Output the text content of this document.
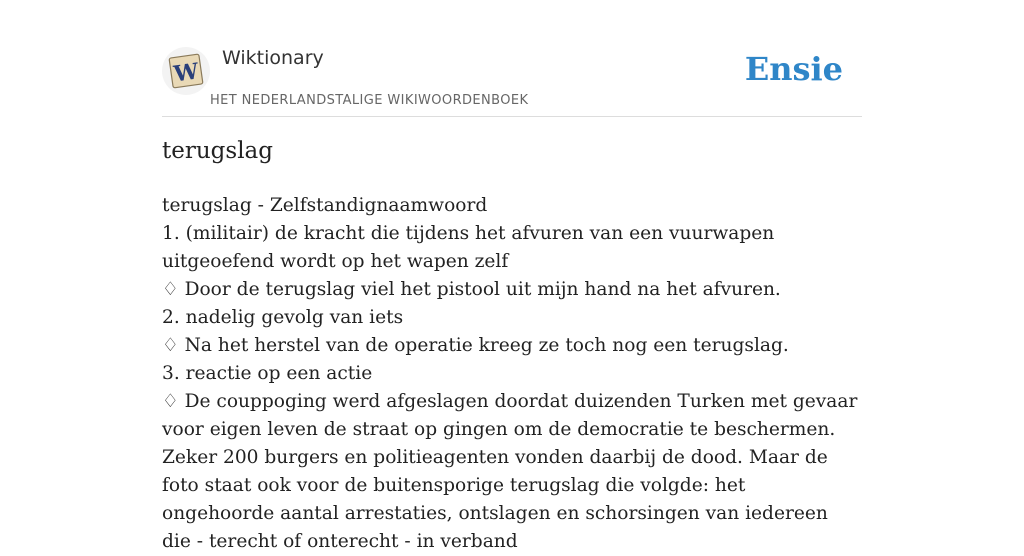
W
Wiktionary
HET NEDERLANDSTALIGE WIKIWOORDENBOEK
Ensie
terugslag
terugslag - Zelfstandignaamwoord
1. (militair) de kracht die tijdens het afvuren van een vuurwapen uitgeoefend wordt op het wapen zelf
♢ Door de terugslag viel het pistool uit mijn hand na het afvuren.
2. nadelig gevolg van iets
♢ Na het herstel van de operatie kreeg ze toch nog een terugslag.
3. reactie op een actie
♢ De couppoging werd afgeslagen doordat duizenden Turken met gevaar voor eigen leven de straat op gingen om de democratie te beschermen. Zeker 200 burgers en politieagenten vonden daarbij de dood. Maar de foto staat ook voor de buitensporige terugslag die volgde: het ongehoorde aantal arrestaties, ontslagen en schorsingen van iedereen die - terecht of onterecht - in verband
